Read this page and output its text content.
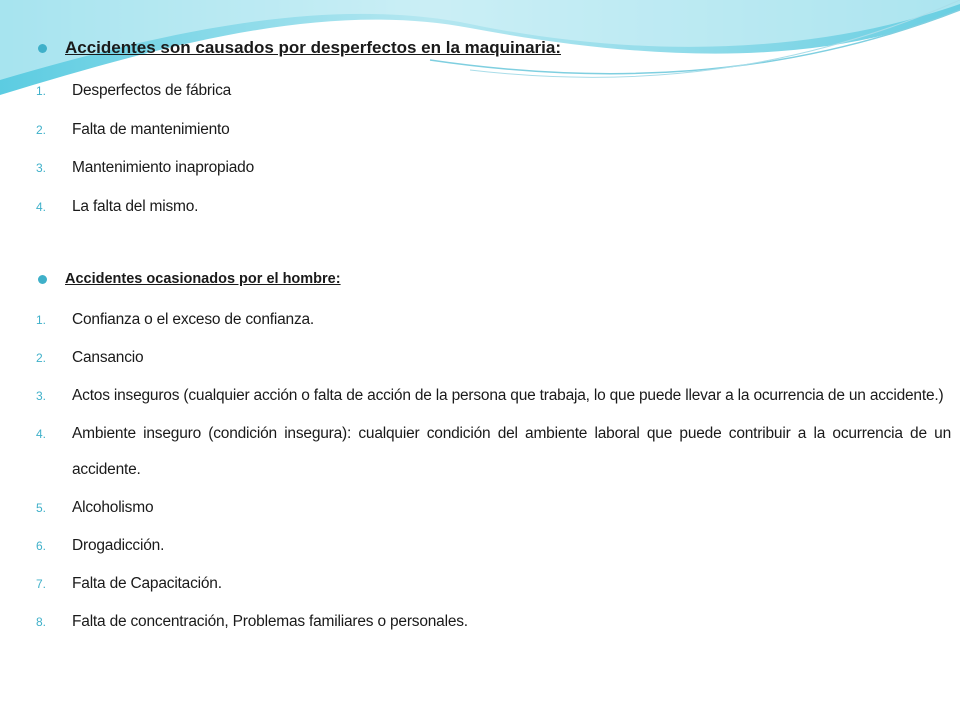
Accidentes son causados por desperfectos en la maquinaria:
1.	Desperfectos de fábrica
2.	Falta de mantenimiento
3.	Mantenimiento inapropiado
4.	La falta del mismo.
Accidentes ocasionados por el hombre:
1.	Confianza o el exceso de confianza.
2.	Cansancio
3.	Actos inseguros (cualquier acción o falta de acción de la persona que trabaja, lo que puede llevar a la ocurrencia de un accidente.)
4.	Ambiente inseguro (condición insegura): cualquier condición del ambiente laboral que puede contribuir a la ocurrencia de un accidente.
5.	Alcoholismo
6.	Drogadicción.
7.	Falta de Capacitación.
8.	Falta de concentración, Problemas familiares o personales.
